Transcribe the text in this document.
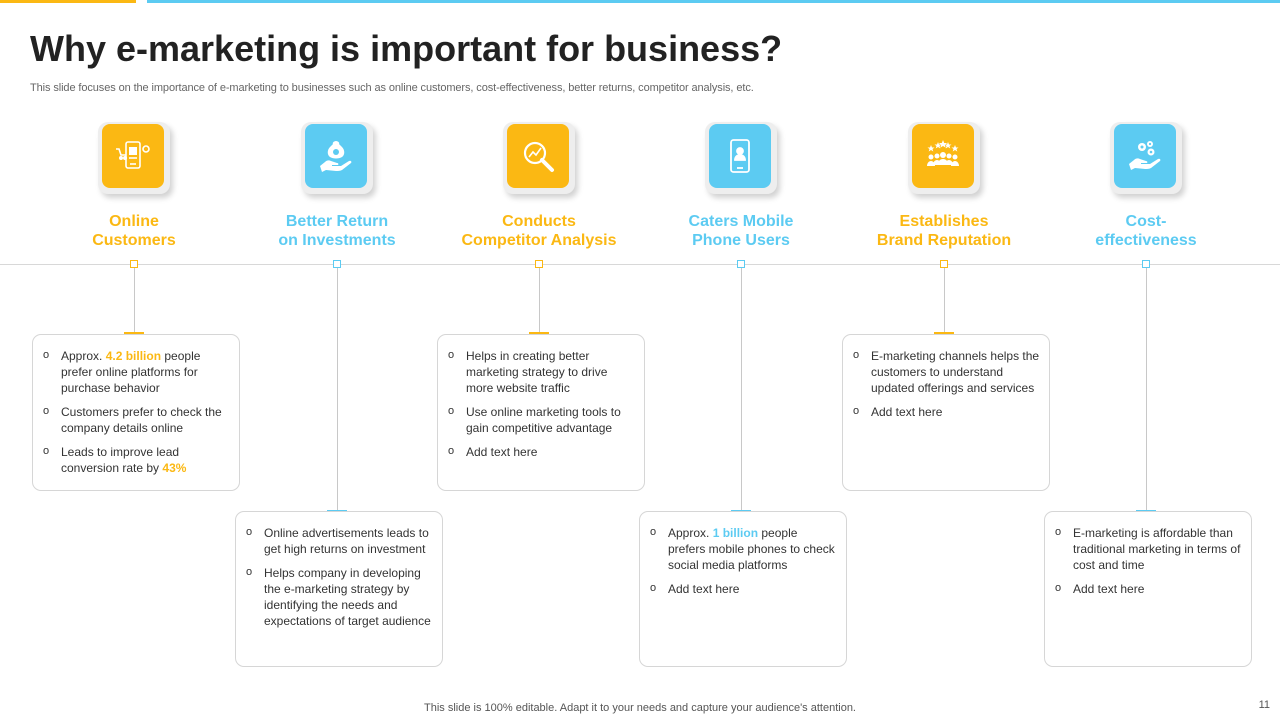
Why e-marketing is important for business?

This slide focuses on the importance of e-marketing to businesses such as online customers, cost-effectiveness, better returns, competitor analysis, etc.

Online
Customers
o Approx. 4.2 billion people prefer online platforms for purchase behavior
o Customers prefer to check the company details online
o Leads to improve lead conversion rate by 43%
Better Return
on Investments
o Online advertisements leads to get high returns on investment
o Helps company in developing the e-marketing strategy by identifying the needs and expectations of target audience
Conducts
Competitor Analysis
o Helps in creating better marketing strategy to drive more website traffic
o Use online marketing tools to gain competitive advantage
o Add text here
Caters Mobile
Phone Users
o Approx. 1 billion people prefers mobile phones to check social media platforms
o Add text here
Establishes
Brand Reputation
o E-marketing channels helps the customers to understand updated offerings and services
o Add text here
Cost-
effectiveness
o E-marketing is affordable than traditional marketing in terms of cost and time
o Add text here

This slide is 100% editable. Adapt it to your needs and capture your audience's attention.	11
